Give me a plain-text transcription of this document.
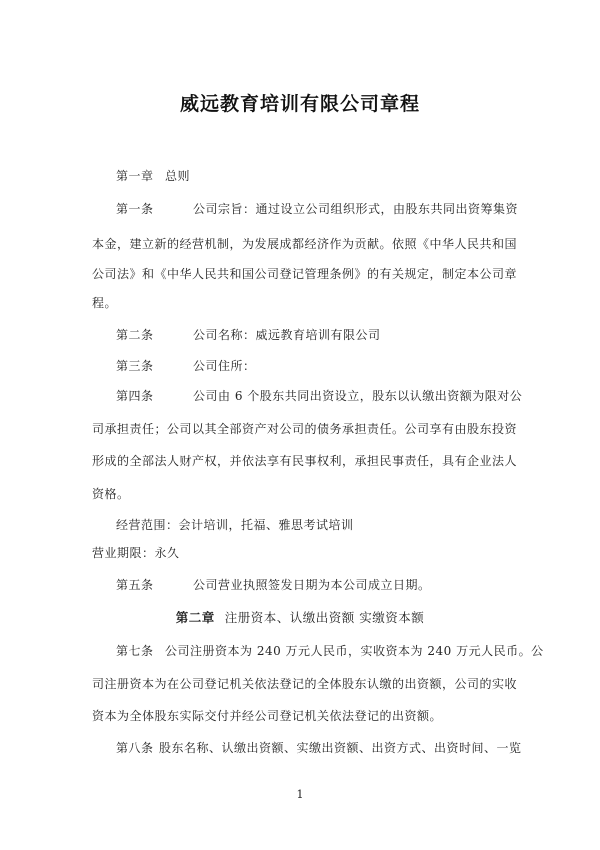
威远教育培训有限公司章程
第一章 总则
第一条	公司宗旨：通过设立公司组织形式，由股东共同出资筹集资
本金，建立新的经营机制，为发展成都经济作为贡献。依照《中华人民共和国
公司法》和《中华人民共和国公司登记管理条例》的有关规定，制定本公司章
程。
第二条	公司名称：威远教育培训有限公司
第三条	公司住所：
第四条	公司由 6 个股东共同出资设立，股东以认缴出资额为限对公
司承担责任；公司以其全部资产对公司的债务承担责任。公司享有由股东投资
形成的全部法人财产权，并依法享有民事权利，承担民事责任，具有企业法人
资格。
经营范围：会计培训，托福、雅思考试培训
营业期限：永久
第五条	公司营业执照签发日期为本公司成立日期。
第二章 注册资本、认缴出资额 实缴资本额
第七条 公司注册资本为 240 万元人民币，实收资本为 240 万元人民币。公
司注册资本为在公司登记机关依法登记的全体股东认缴的出资额，公司的实收
资本为全体股东实际交付并经公司登记机关依法登记的出资额。
第八条 股东名称、认缴出资额、实缴出资额、出资方式、出资时间、一览
1
